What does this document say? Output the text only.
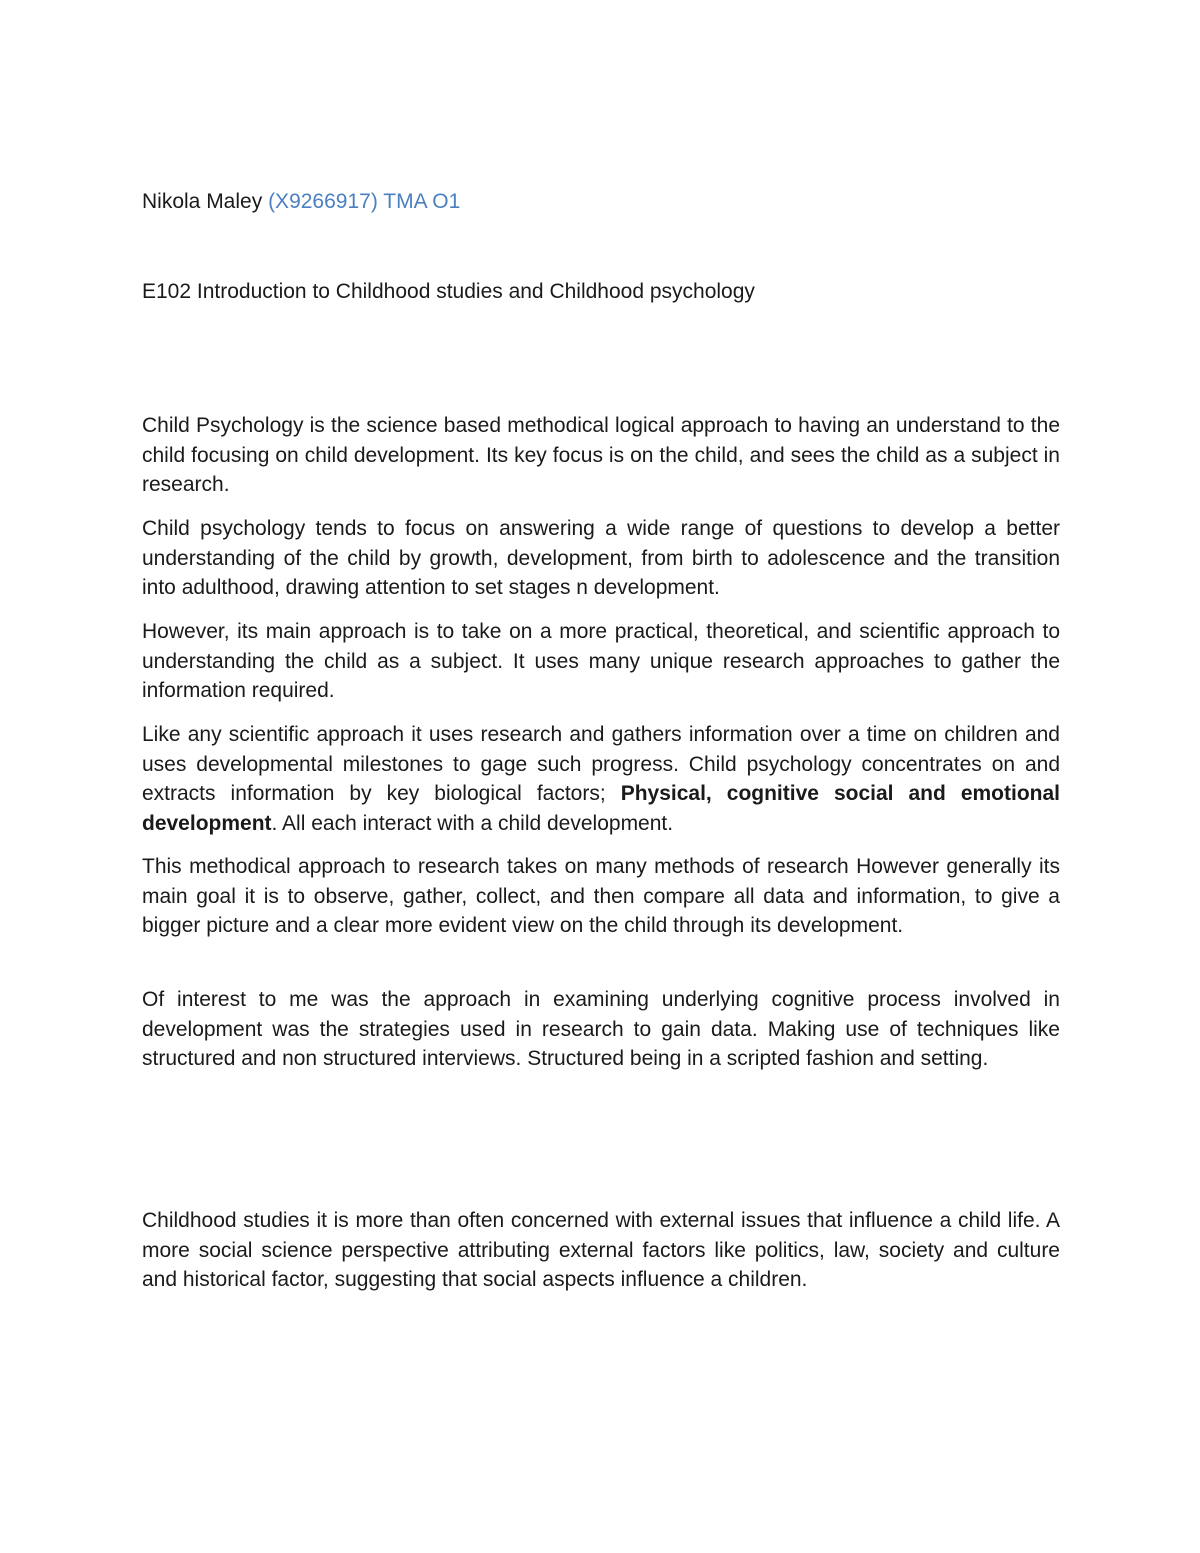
Nikola Maley (X9266917) TMA O1
E102 Introduction to Childhood studies and Childhood psychology

Child Psychology is the science based methodical logical approach to having an understand to the child focusing on child development. Its key focus is on the child, and sees the child as a subject in research.

Child psychology tends to focus on answering a wide range of questions to develop a better understanding of the child by growth, development, from birth to adolescence and the transition into adulthood, drawing attention to set stages n development.

However, its main approach is to take on a more practical, theoretical, and scientific approach to understanding the child as a subject. It uses many unique research approaches to gather the information required.

Like any scientific approach it uses research and gathers information over a time on children and uses developmental milestones to gage such progress. Child psychology concentrates on and extracts information by key biological factors; Physical, cognitive social and emotional development. All each interact with a child development.

This methodical approach to research takes on many methods of research However generally its main goal it is to observe, gather, collect, and then compare all data and information, to give a bigger picture and a clear more evident view on the child through its development.

Of interest to me was the approach in examining underlying cognitive process involved in development was the strategies used in research to gain data. Making use of techniques like structured and non structured interviews. Structured being in a scripted fashion and setting.

Childhood studies it is more than often concerned with external issues that influence a child life. A more social science perspective attributing external factors like politics, law, society and culture and historical factor, suggesting that social aspects influence a children.
